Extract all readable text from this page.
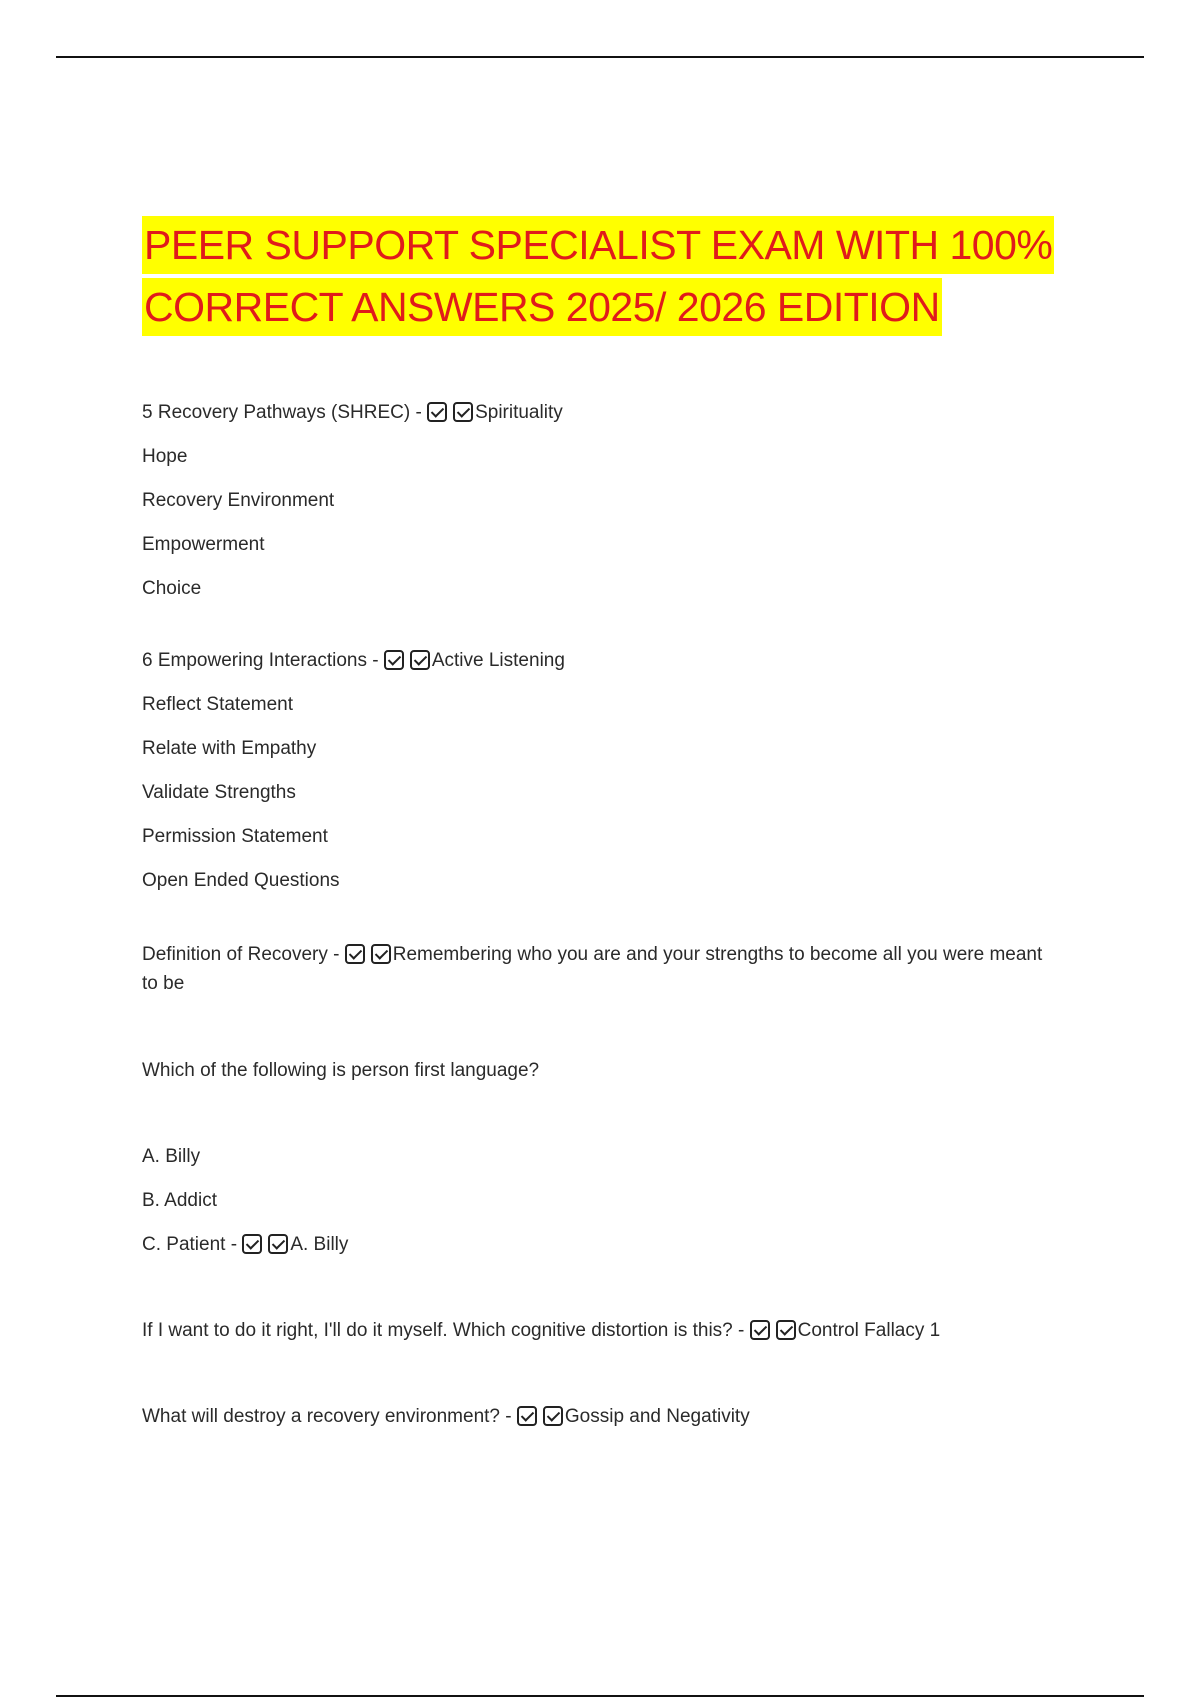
PEER SUPPORT SPECIALIST EXAM WITH 100%
CORRECT ANSWERS 2025/ 2026 EDITION
5 Recovery Pathways (SHREC) -	Spirituality
Hope
Recovery Environment
Empowerment
Choice
6 Empowering Interactions -	Active Listening
Reflect Statement
Relate with Empathy
Validate Strengths
Permission Statement
Open Ended Questions
Definition of Recovery -	Remembering who you are and your strengths to become all you were meant to be
Which of the following is person first language?
A. Billy
B. Addict
C. Patient -	A. Billy
If I want to do it right, I'll do it myself. Which cognitive distortion is this? -	Control Fallacy 1
What will destroy a recovery environment? -	Gossip and Negativity
